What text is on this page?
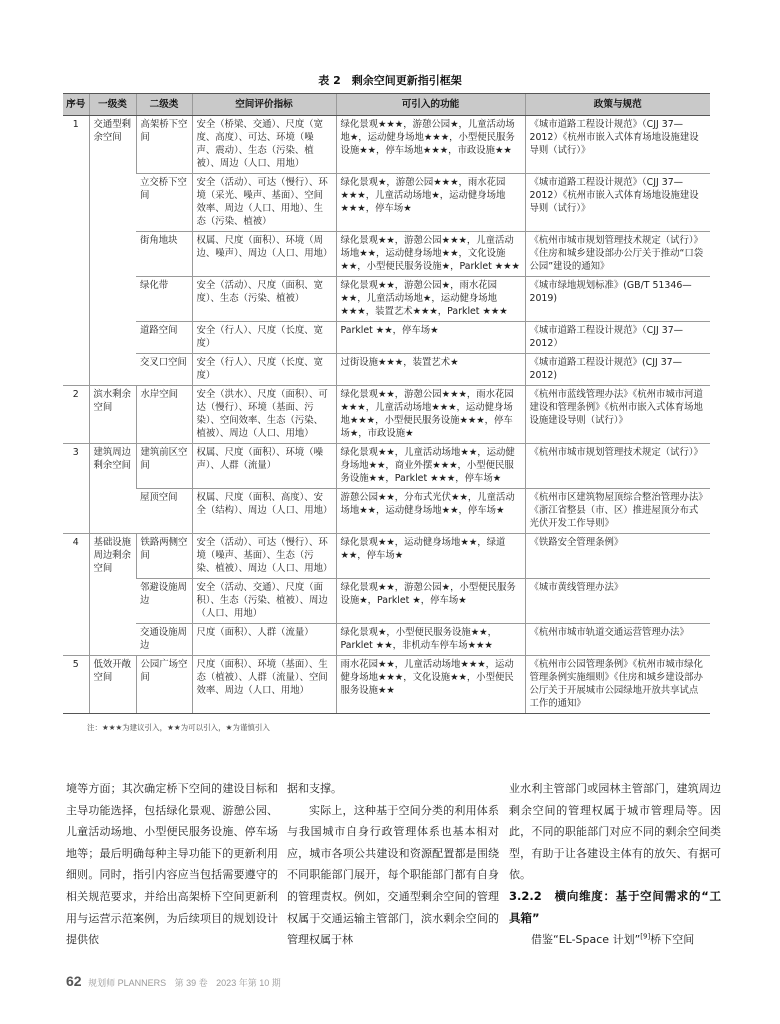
表 2　剩余空间更新指引框架
序号	一级类	二级类	空间评价指标	可引入的功能	政策与规范
1	交通型剩余空间	高架桥下空间	安全（桥梁、交通）、尺度（宽度、高度）、可达、环境（噪声、震动）、生态（污染、植被）、周边（人口、用地）	绿化景观★★★，游憩公园★，儿童活动场地★，运动健身场地★★★，小型便民服务设施★★，停车场地★★★，市政设施★★	《城市道路工程设计规范》（CJJ 37—2012）《杭州市嵌入式体育场地设施建设导则（试行）》
		立交桥下空间	安全（活动）、可达（慢行）、环境（采光、噪声、基面）、空间效率、周边（人口、用地）、生态（污染、植被）	绿化景观★，游憩公园★★★，雨水花园★★★，儿童活动场地★，运动健身场地★★★，停车场★	《城市道路工程设计规范》（CJJ 37—2012）《杭州市嵌入式体育场地设施建设导则（试行）》
		街角地块	权属、尺度（面积）、环境（周边、噪声）、周边（人口、用地）	绿化景观★★，游憩公园★★★，儿童活动场地★★，运动健身场地★★，文化设施★★，小型便民服务设施★，Parklet ★★★	《杭州市城市规划管理技术规定（试行）》《住房和城乡建设部办公厅关于推动“口袋公园”建设的通知》
		绿化带	安全（活动）、尺度（面积、宽度）、生态（污染、植被）	绿化景观★★，游憩公园★，雨水花园★★，儿童活动场地★，运动健身场地★★★，装置艺术★★★，Parklet ★★★	《城市绿地规划标准》(GB/T 51346—2019)
		道路空间	安全（行人）、尺度（长度、宽度）	Parklet ★★，停车场★	《城市道路工程设计规范》（CJJ 37—2012）
		交叉口空间	安全（行人）、尺度（长度、宽度）	过街设施★★★，装置艺术★	《城市道路工程设计规范》(CJJ 37—2012)
2	滨水剩余空间	水岸空间	安全（洪水）、尺度（面积）、可达（慢行）、环境（基面、污染）、空间效率、生态（污染、植被）、周边（人口、用地）	绿化景观★★，游憩公园★★★，雨水花园★★★，儿童活动场地★★★，运动健身场地★★★，小型便民服务设施★★★，停车场★，市政设施★	《杭州市蓝线管理办法》《杭州市城市河道建设和管理条例》《杭州市嵌入式体育场地设施建设导则（试行）》
3	建筑周边剩余空间	建筑前区空间	权属、尺度（面积）、环境（噪声）、人群（流量）	绿化景观★★，儿童活动场地★★，运动健身场地★★，商业外摆★★★，小型便民服务设施★★，Parklet ★★★，停车场★	《杭州市城市规划管理技术规定（试行）》
		屋顶空间	权属、尺度（面积、高度）、安全（结构）、周边（人口、用地）	游憩公园★★，分布式光伏★★，儿童活动场地★★，运动健身场地★★，停车场★	《杭州市区建筑物屋顶综合整治管理办法》《浙江省整县（市、区）推进屋顶分布式光伏开发工作导则》
4	基础设施周边剩余空间	铁路两侧空间	安全（活动）、可达（慢行）、环境（噪声、基面）、生态（污染、植被）、周边（人口、用地）	绿化景观★★，运动健身场地★★，绿道★★，停车场★	《铁路安全管理条例》
		邻避设施周边	安全（活动、交通）、尺度（面积）、生态（污染、植被）、周边（人口、用地）	绿化景观★★，游憩公园★，小型便民服务设施★，Parklet ★，停车场★	《城市黄线管理办法》
		交通设施周边	尺度（面积）、人群（流量）	绿化景观★，小型便民服务设施★★，Parklet ★★，非机动车停车场★★★	《杭州市城市轨道交通运营管理办法》
5	低效开敞空间	公园广场空间	尺度（面积）、环境（基面）、生态（植被）、人群（流量）、空间效率、周边（人口、用地）	雨水花园★★，儿童活动场地★★★，运动健身场地★★★，文化设施★★，小型便民服务设施★★	《杭州市公园管理条例》《杭州市城市绿化管理条例实施细则》《住房和城乡建设部办公厅关于开展城市公园绿地开放共享试点工作的通知》
注：★★★为建议引入，★★为可以引入，★为谨慎引入

境等方面；其次确定桥下空间的建设目标和主导功能选择，包括绿化景观、游憩公园、儿童活动场地、小型便民服务设施、停车场地等；最后明确每种主导功能下的更新利用细则。同时，指引内容应当包括需要遵守的相关规范要求，并给出高架桥下空间更新利用与运营示范案例，为后续项目的规划设计提供依

据和支撑。

实际上，这种基于空间分类的利用体系与我国城市自身行政管理体系也基本相对应，城市各项公共建设和资源配置都是围绕不同职能部门展开，每个职能部门都有自身的管理责权。例如，交通型剩余空间的管理权属于交通运输主管部门，滨水剩余空间的管理权属于林

业水利主管部门或园林主管部门，建筑周边剩余空间的管理权属于城市管理局等。因此，不同的职能部门对应不同的剩余空间类型，有助于让各建设主体有的放矢、有据可依。

3.2.2　横向维度：基于空间需求的“工具箱”

借鉴“EL-Space 计划”[9]桥下空间

62 规划师 PLANNERS 第 39 卷 2023 年第 10 期
